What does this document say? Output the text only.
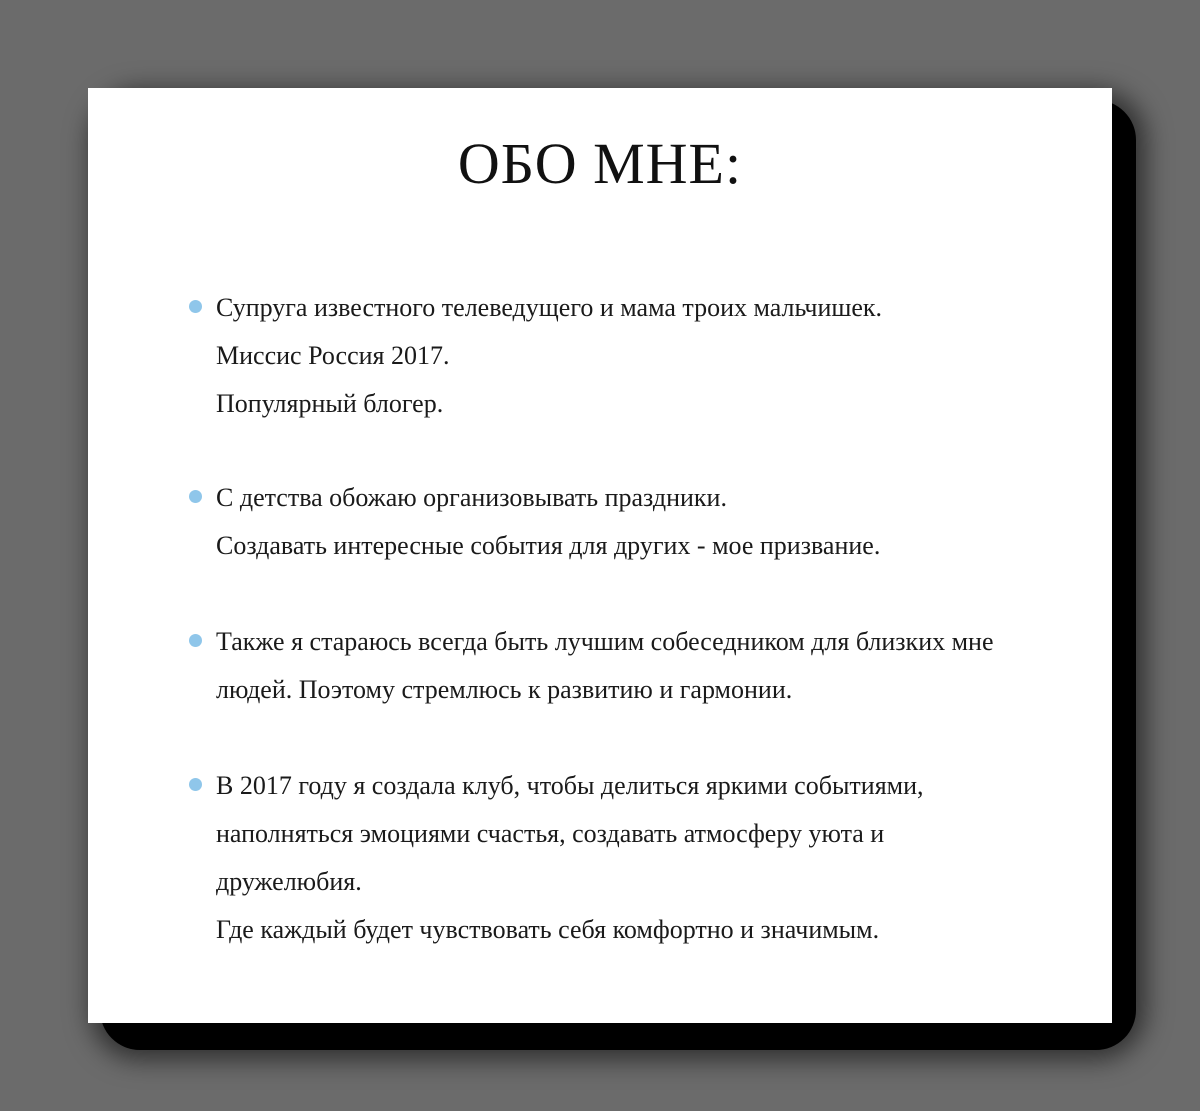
ОБО МНЕ:
Супруга известного телеведущего и мама троих мальчишек.
Миссис Россия 2017.
Популярный блогер.
С детства обожаю организовывать праздники.
Создавать интересные события для других - мое призвание.
Также я стараюсь всегда быть лучшим собеседником для близких мне
людей. Поэтому стремлюсь к развитию и гармонии.
В 2017 году я создала клуб, чтобы делиться яркими событиями,
наполняться эмоциями счастья, создавать атмосферу уюта и
дружелюбия.
Где каждый будет чувствовать себя комфортно и значимым.
